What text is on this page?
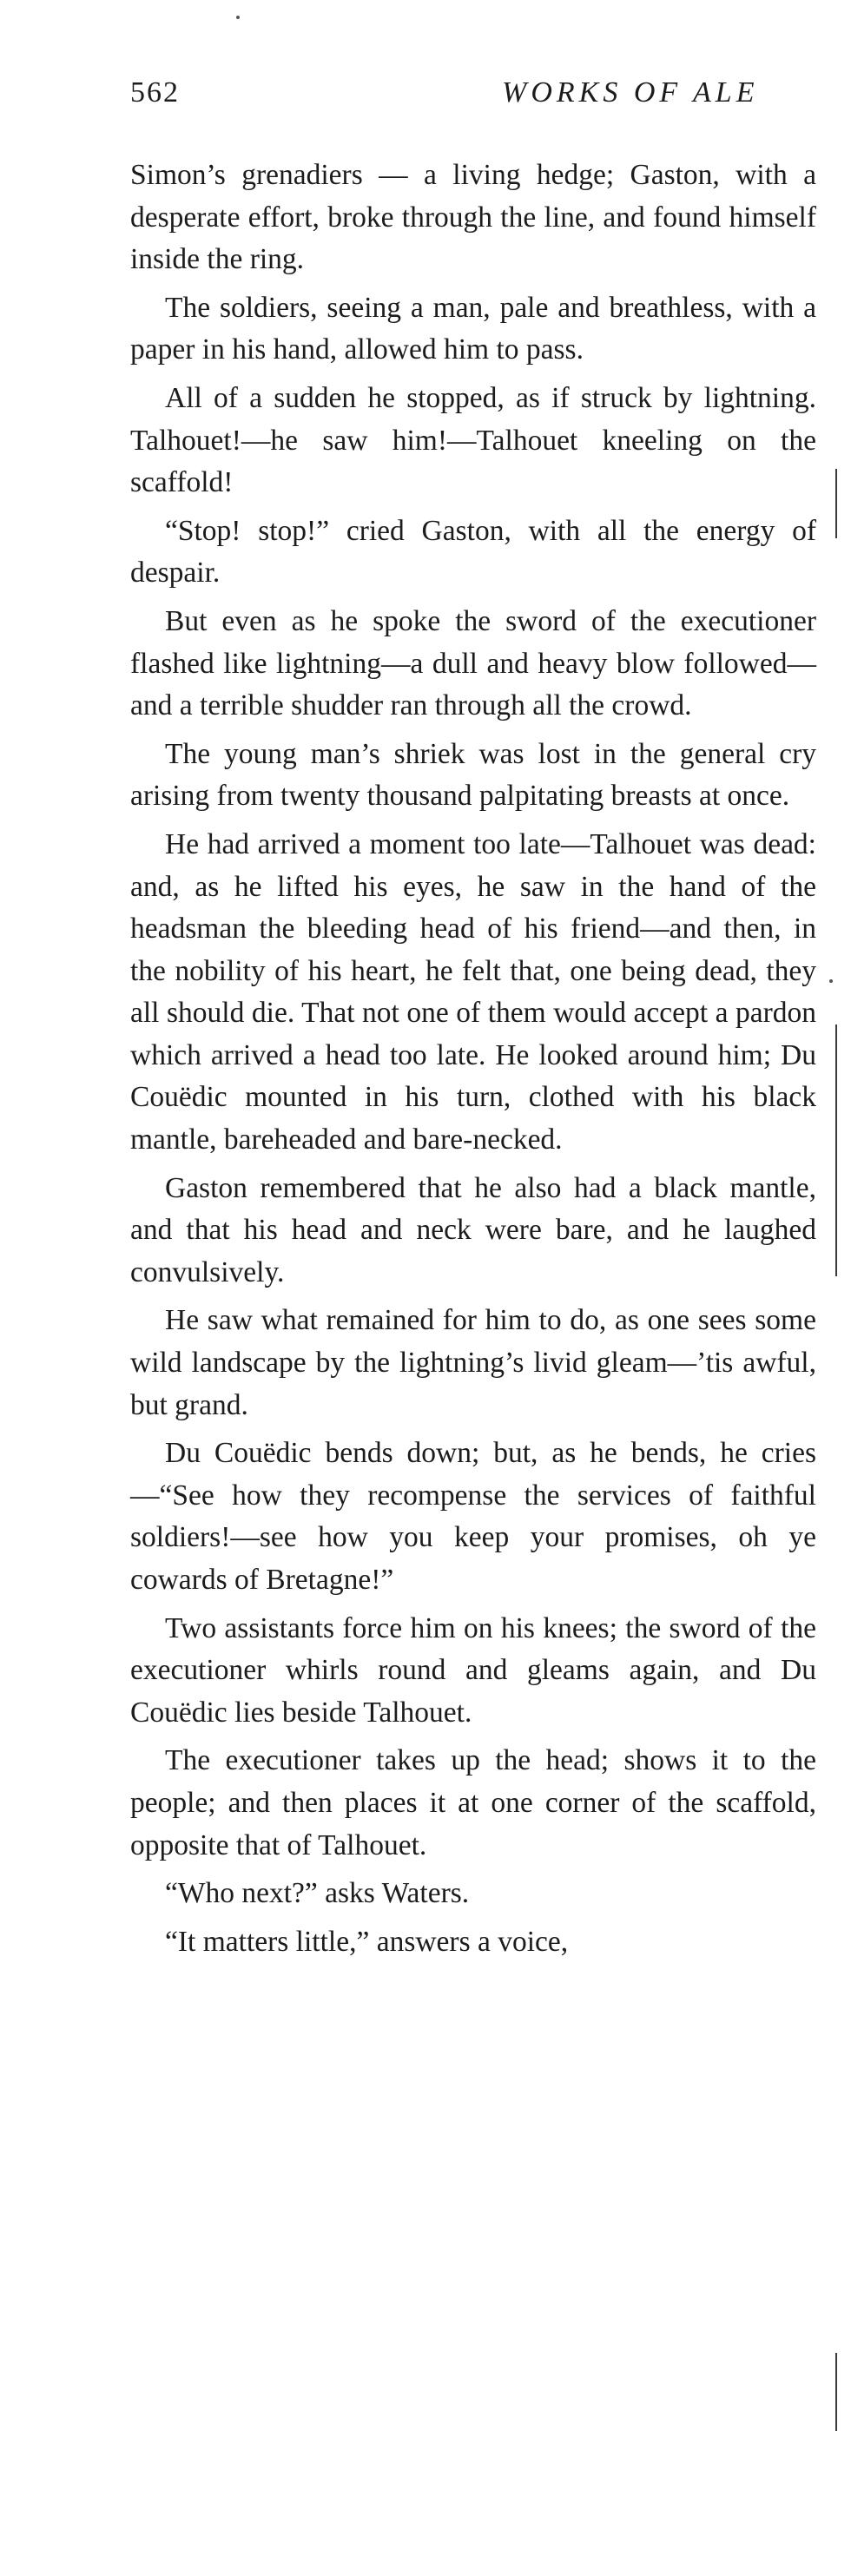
562	WORKS OF ALE

Simon’s grenadiers — a living hedge; Gaston, with a desperate effort, broke through the line, and found himself inside the ring.

The soldiers, seeing a man, pale and breathless, with a paper in his hand, allowed him to pass.

All of a sudden he stopped, as if struck by lightning. Talhouet!—he saw him!—Talhouet kneeling on the scaffold!

“Stop! stop!” cried Gaston, with all the energy of despair.

But even as he spoke the sword of the executioner flashed like lightning—a dull and heavy blow followed—and a terrible shudder ran through all the crowd.

The young man’s shriek was lost in the general cry arising from twenty thousand palpitating breasts at once.

He had arrived a moment too late—Talhouet was dead: and, as he lifted his eyes, he saw in the hand of the headsman the bleeding head of his friend—and then, in the nobility of his heart, he felt that, one being dead, they all should die. That not one of them would accept a pardon which arrived a head too late. He looked around him; Du Couëdic mounted in his turn, clothed with his black mantle, bareheaded and bare-necked.

Gaston remembered that he also had a black mantle, and that his head and neck were bare, and he laughed convulsively.

He saw what remained for him to do, as one sees some wild landscape by the lightning’s livid gleam—’tis awful, but grand.

Du Couëdic bends down; but, as he bends, he cries—“See how they recompense the services of faithful soldiers!—see how you keep your promises, oh ye cowards of Bretagne!”

Two assistants force him on his knees; the sword of the executioner whirls round and gleams again, and Du Couëdic lies beside Talhouet.

The executioner takes up the head; shows it to the people; and then places it at one corner of the scaffold, opposite that of Talhouet.

“Who next?” asks Waters.

“It matters little,” answers a voice,
